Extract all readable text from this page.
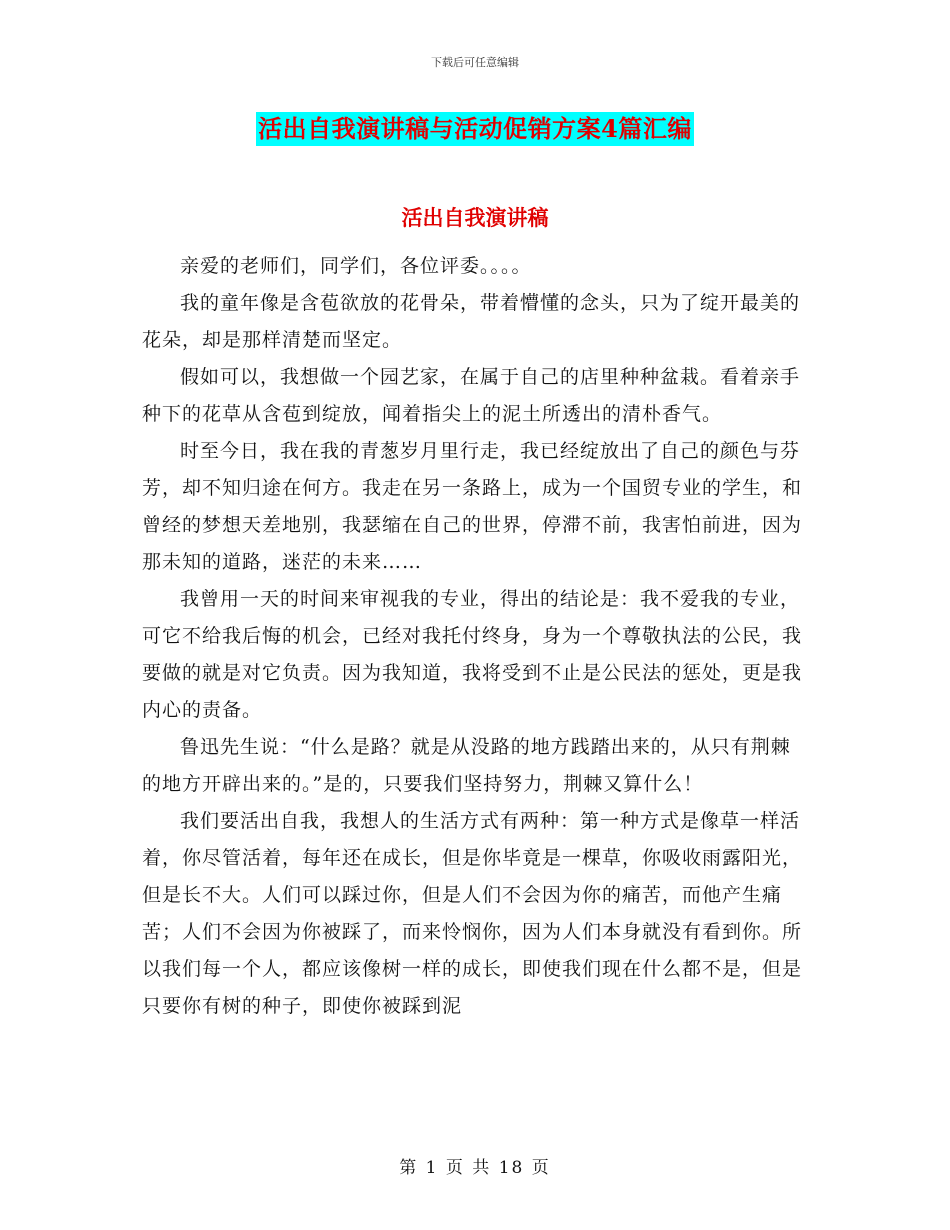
下载后可任意编辑
活出自我演讲稿与活动促销方案4篇汇编
活出自我演讲稿

亲爱的老师们，同学们，各位评委。。。。

我的童年像是含苞欲放的花骨朵，带着懵懂的念头，只为了绽开最美的花朵，却是那样清楚而坚定。

假如可以，我想做一个园艺家，在属于自己的店里种种盆栽。看着亲手种下的花草从含苞到绽放，闻着指尖上的泥土所透出的清朴香气。

时至今日，我在我的青葱岁月里行走，我已经绽放出了自己的颜色与芬芳，却不知归途在何方。我走在另一条路上，成为一个国贸专业的学生，和曾经的梦想天差地别，我瑟缩在自己的世界，停滞不前，我害怕前进，因为那未知的道路，迷茫的未来……

我曾用一天的时间来审视我的专业，得出的结论是：我不爱我的专业，可它不给我后悔的机会，已经对我托付终身，身为一个尊敬执法的公民，我要做的就是对它负责。因为我知道，我将受到不止是公民法的惩处，更是我内心的责备。

鲁迅先生说：“什么是路？就是从没路的地方践踏出来的，从只有荆棘的地方开辟出来的。”是的，只要我们坚持努力，荆棘又算什么！

我们要活出自我，我想人的生活方式有两种：第一种方式是像草一样活着，你尽管活着，每年还在成长，但是你毕竟是一棵草，你吸收雨露阳光，但是长不大。人们可以踩过你，但是人们不会因为你的痛苦，而他产生痛苦；人们不会因为你被踩了，而来怜悯你，因为人们本身就没有看到你。所以我们每一个人，都应该像树一样的成长，即使我们现在什么都不是，但是只要你有树的种子，即使你被踩到泥

第 1 页 共 18 页
